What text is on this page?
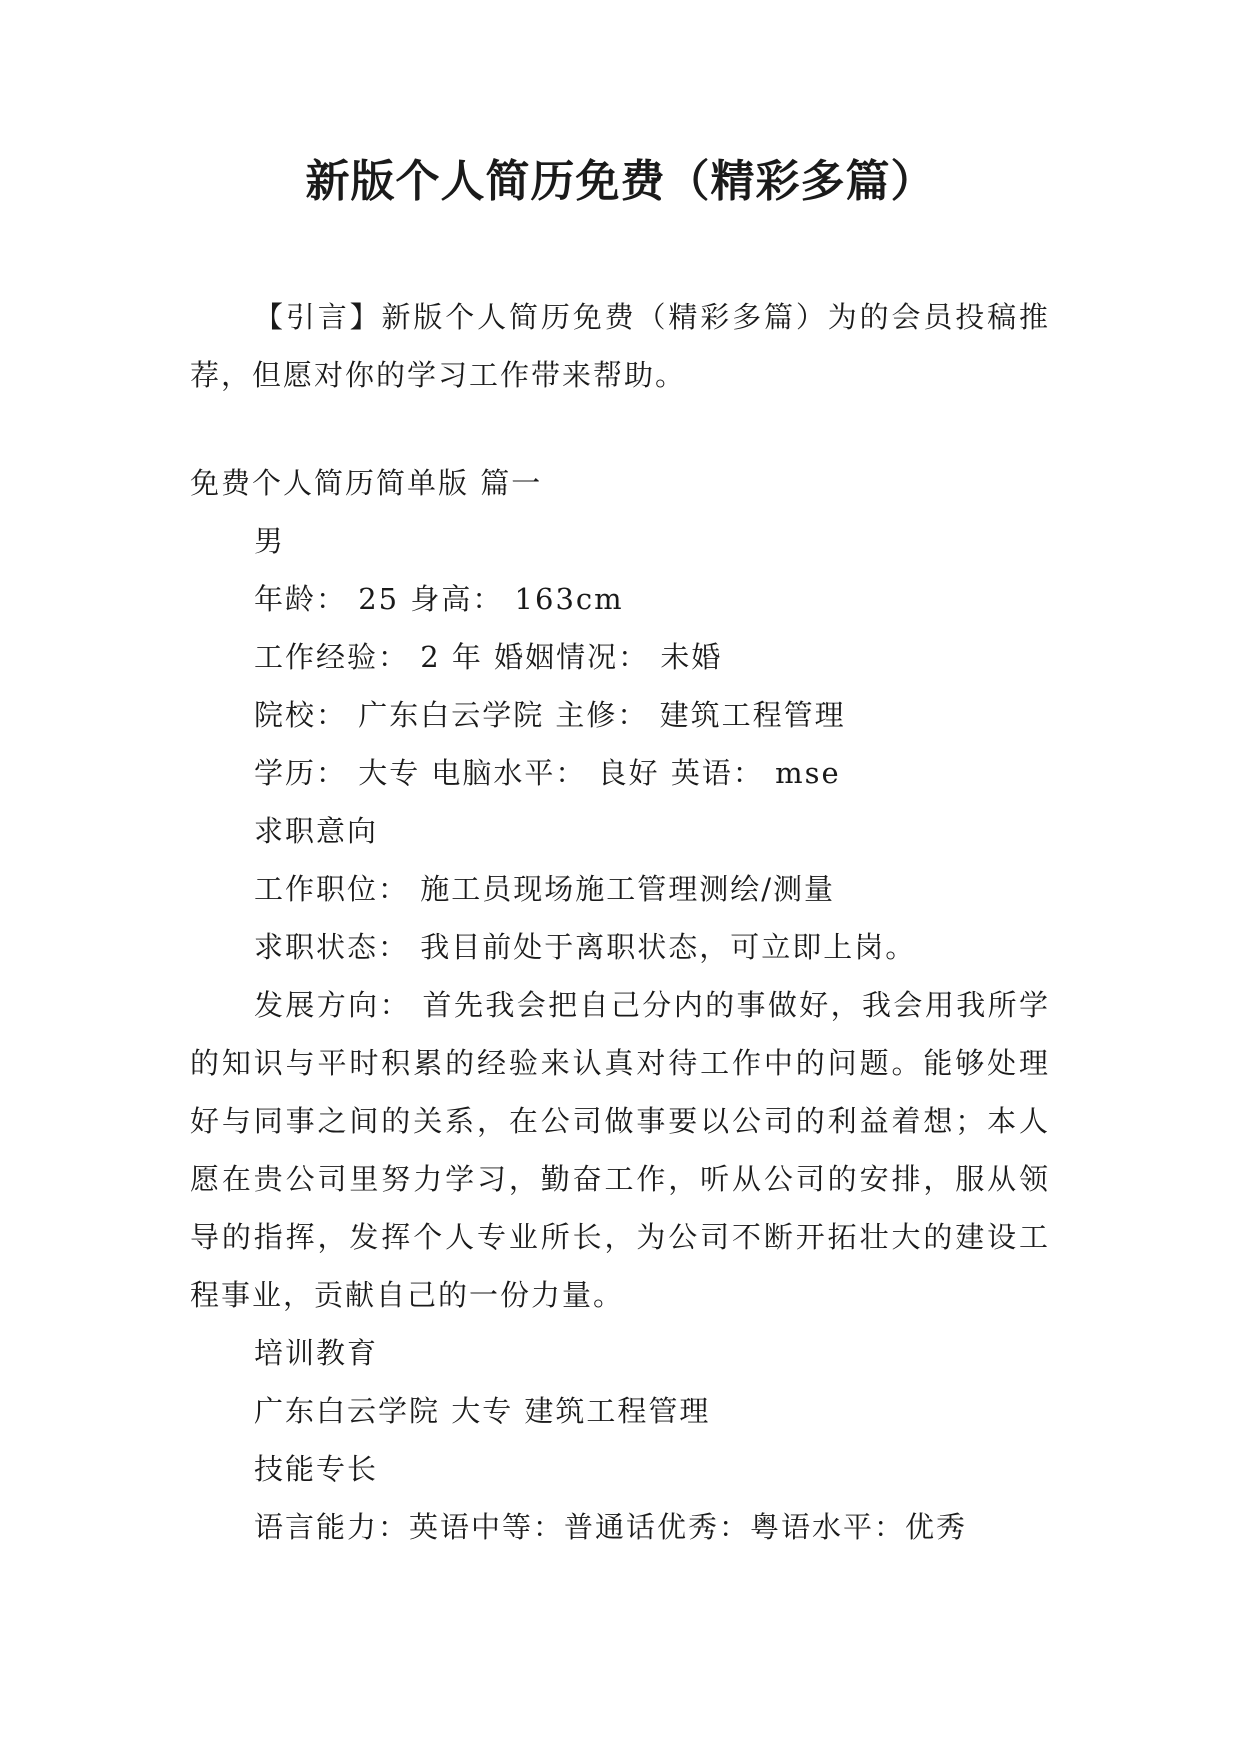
新版个人简历免费（精彩多篇）

【引言】新版个人简历免费（精彩多篇）为的会员投稿推荐，但愿对你的学习工作带来帮助。

免费个人简历简单版 篇一

男

年龄： 25 身高： 163cm

工作经验： 2 年 婚姻情况： 未婚

院校： 广东白云学院 主修： 建筑工程管理

学历： 大专 电脑水平： 良好 英语： mse

求职意向

工作职位： 施工员现场施工管理测绘/测量

求职状态： 我目前处于离职状态，可立即上岗。

发展方向： 首先我会把自己分内的事做好，我会用我所学的知识与平时积累的经验来认真对待工作中的问题。能够处理好与同事之间的关系，在公司做事要以公司的利益着想；本人愿在贵公司里努力学习，勤奋工作，听从公司的安排，服从领导的指挥，发挥个人专业所长，为公司不断开拓壮大的建设工程事业，贡献自己的一份力量。

培训教育

广东白云学院 大专 建筑工程管理

技能专长

语言能力：英语中等：普通话优秀：粤语水平：优秀
